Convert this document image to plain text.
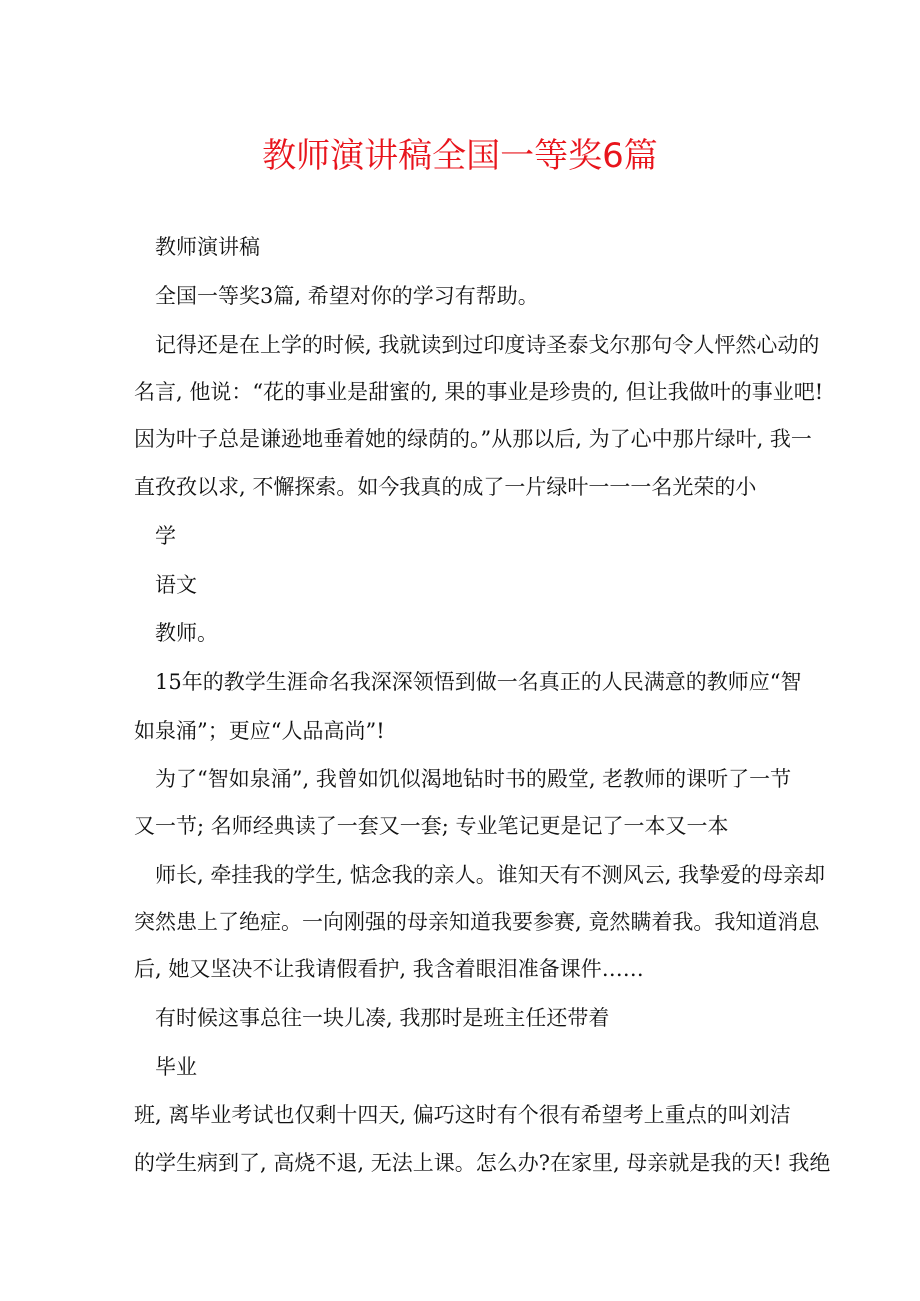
教师演讲稿全国一等奖6篇
教师演讲稿
全国一等奖3篇, 希望对你的学习有帮助。
记得还是在上学的时候, 我就读到过印度诗圣泰戈尔那句令人怦然心动的
名言, 他说：“花的事业是甜蜜的, 果的事业是珍贵的, 但让我做叶的事业吧!
因为叶子总是谦逊地垂着她的绿荫的。”从那以后, 为了心中那片绿叶, 我一
直孜孜以求, 不懈探索。如今我真的成了一片绿叶一一一名光荣的小
学
语文
教师。
15年的教学生涯命名我深深领悟到做一名真正的人民满意的教师应“智
如泉涌”；更应“人品高尚”!
为了“智如泉涌”, 我曾如饥似渴地钻时书的殿堂, 老教师的课听了一节
又一节; 名师经典读了一套又一套; 专业笔记更是记了一本又一本
师长, 牵挂我的学生, 惦念我的亲人。谁知天有不测风云, 我挚爱的母亲却
突然患上了绝症。一向刚强的母亲知道我要参赛, 竟然瞒着我。我知道消息
后, 她又坚决不让我请假看护, 我含着眼泪准备课件……
有时候这事总往一块儿凑, 我那时是班主任还带着
毕业
班, 离毕业考试也仅剩十四天, 偏巧这时有个很有希望考上重点的叫刘洁
的学生病到了, 高烧不退, 无法上课。怎么办?在家里, 母亲就是我的天! 我绝
